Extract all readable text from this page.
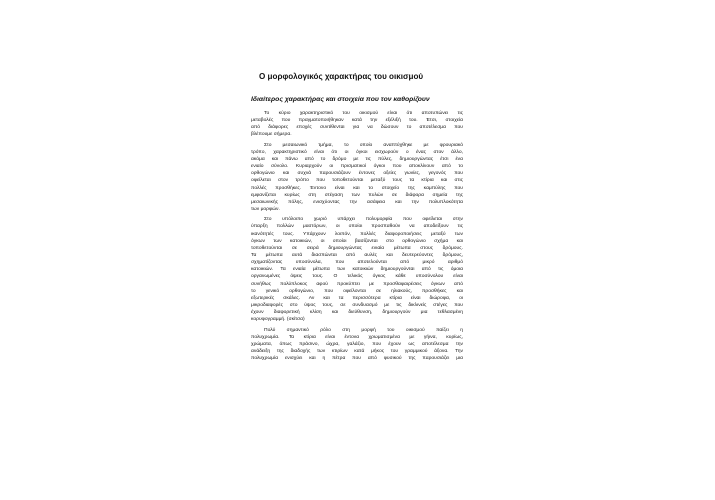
Ο μορφολογικός χαρακτήρας του οικισμού
Ιδιαίτερος χαρακτήρας και στοιχεία που τον καθορίζουν

Το κύριο χαρακτηριστικό του οικισμού είναι ότι αποτυπώνει τις
μεταβολές που πραγματοποιήθηκαν κατά την εξέλιξή του. Έτσι, στοιχεία
από διάφορες εποχές συντίθενται για να δώσουν το αποτέλεσμα που
βλέπουμε σήμερα.

Στο μεσαιωνικό τμήμα, το οποίο αναπτύχθηκε με φρουριακό
τρόπο, χαρακτηριστικό είναι ότι οι όγκοι εισχωρούν ο ένας στον άλλο,
ακόμα και πάνω από το δρόμο με τις πύλες, δημιουργώντας έτσι ένα
ενιαίο σύνολο. Κυριαρχούν οι πρισματικοί όγκοι που αποκλίνουν από το
ορθογώνιο και συχνά παρουσιάζουν έντονες οξείες γωνίες, γεγονός που
οφείλεται στον τρόπο που τοποθετούνται μεταξύ τους τα κτίρια και στις
πολλές προσθήκες. Έντονο είναι και το στοιχείο της καμπύλης που
εμφανίζεται κυρίως στη στέγαση των πυλών σε διάφορα σημεία της
μεσαιωνικής πόλης, ενισχύοντας την ασάφεια και την πολυπλοκότητα
των μορφών.

Στο υπόλοιπο χωριό υπάρχει πολυμορφία που οφείλεται στην
ύπαρξη πολλών μαστόρων, οι οποίοι προσπαθούν να αποδείξουν τις
ικανότητές τους. Υπάρχουν λοιπόν, πολλές διαφοροποιήσεις μεταξύ των
όγκων των κατοικιών, οι οποίοι βασίζονται στο ορθογώνιο σχήμα και
τοποθετούνται σε σειρά δημιουργώντας ενιαία μέτωπα στους δρόμους.
Τα μέτωπα αυτά διασπώνται από αυλές και δευτερεύοντες δρόμους,
σχηματίζοντας υποσύνολα, που αποτελούνται από μικρό αριθμό
κατοικιών. Τα ενιαία μέτωπα των κατοικιών δημιουργούνται από τις όμοια
οργανωμένες όψεις τους. Ο τελικός όγκος κάθε υποσύνολου είναι
συνήθως πολύπλοκος αφού προκύπτει με προσθαφαιρέσεις όγκων από
το γενικό ορθογώνιο, που οφείλονται σε ηλιακούς, προσθήκες και
εξωτερικές σκάλες. Αν και τα περισσότερα κτίρια είναι διώροφα, οι
μικροδιαφορές στο ύψος τους, σε συνδυασμό με τις δικλινείς στέγες που
έχουν διαφορετική κλίση και διεύθυνση, δημιουργούν μια τεθλασμένη
κορυφογραμμή. (σκίτσα)

Πολύ σημαντικό ρόλο στη μορφή του οικισμού παίζει η
πολυχρωμία. Τα κτίρια είναι έντονα χρωματισμένα με γήινα, κυρίως,
χρώματα, όπως πράσινο, ώχρα, γαλάζιο, που έχουν ως αποτέλεσμα την
ανάδειξη της διαδοχής των κτιρίων κατά μήκος του γραμμικού άξονα. Την
πολυχρωμία ενισχύει και η πέτρα που από φυσικού της παρουσιάζει μια
